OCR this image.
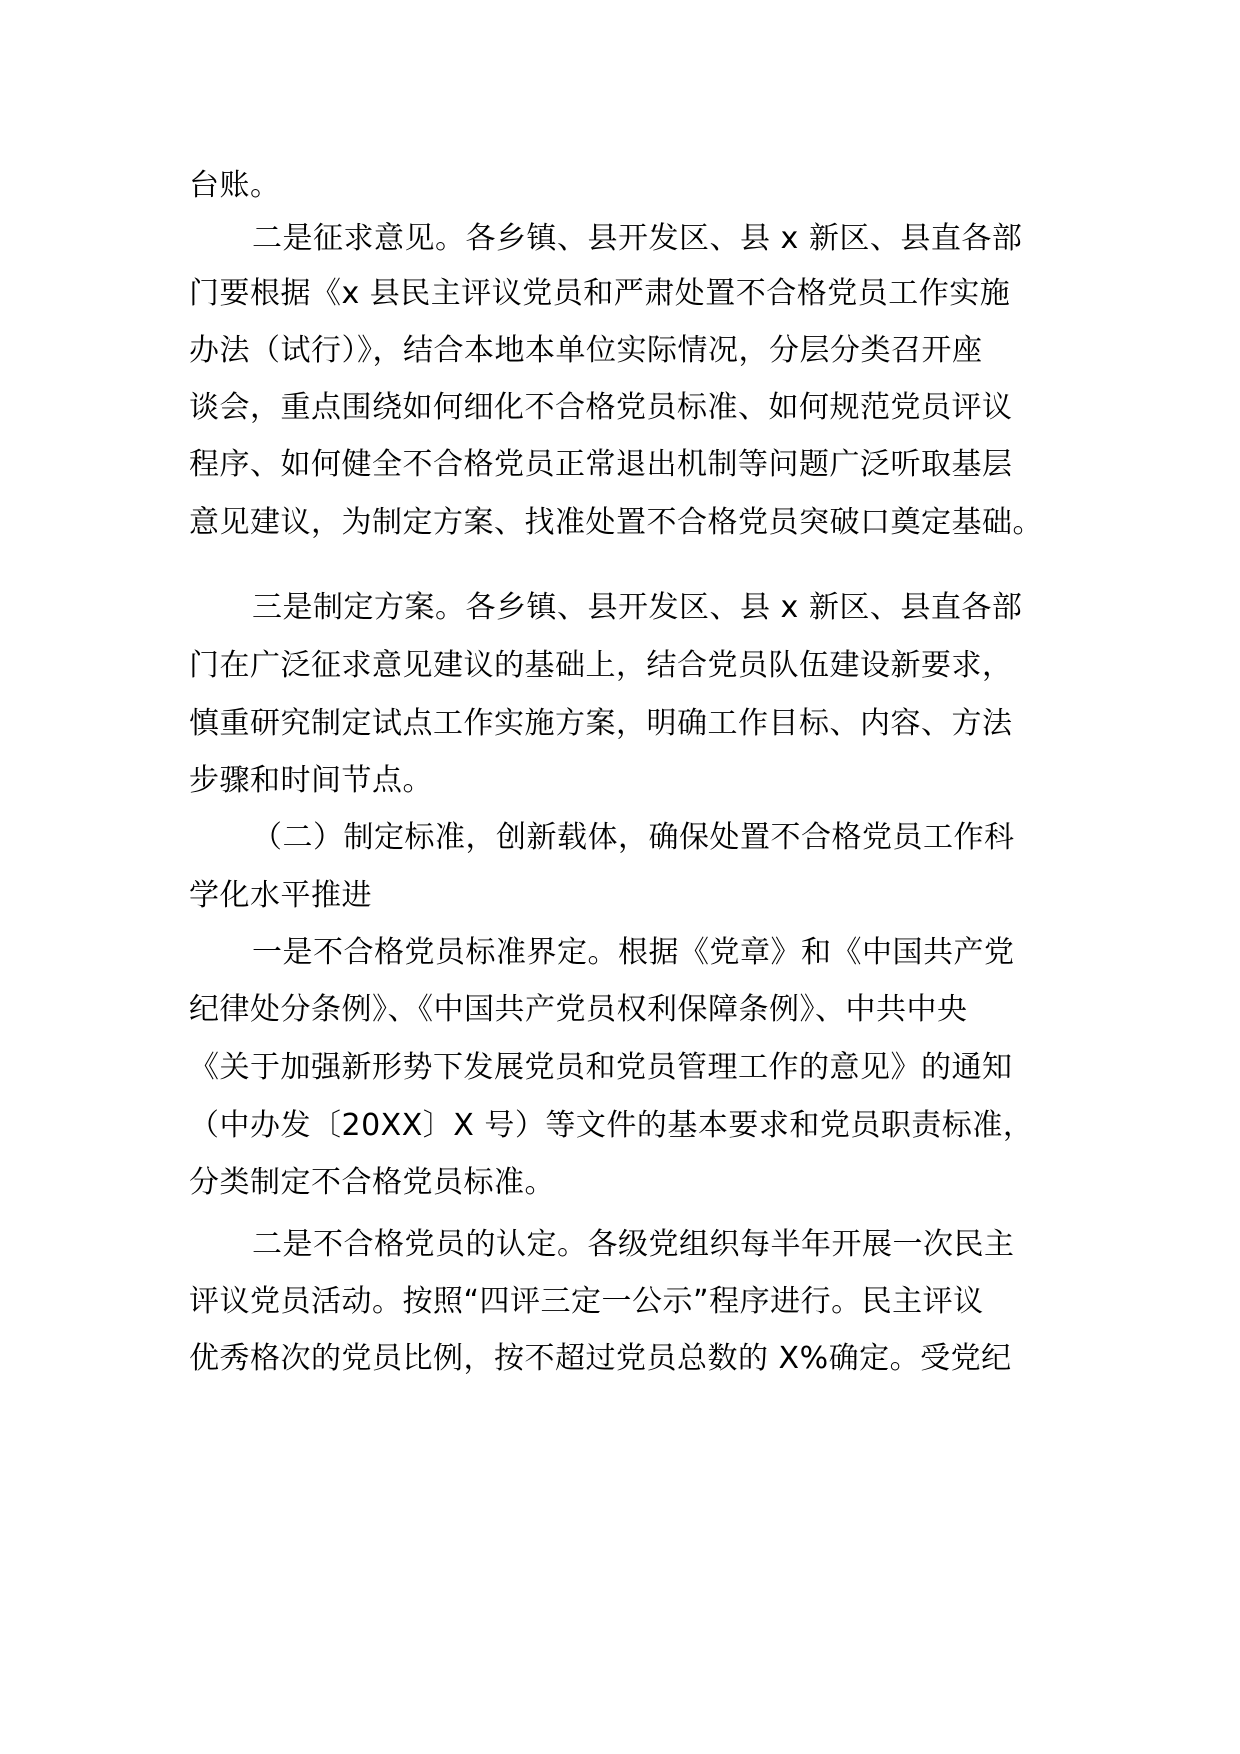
台账。
二是征求意见。各乡镇、县开发区、县 x 新区、县直各部
门要根据《x 县民主评议党员和严肃处置不合格党员工作实施
办法（试行）》，结合本地本单位实际情况，分层分类召开座
谈会，重点围绕如何细化不合格党员标准、如何规范党员评议
程序、如何健全不合格党员正常退出机制等问题广泛听取基层
意见建议，为制定方案、找准处置不合格党员突破口奠定基础。
三是制定方案。各乡镇、县开发区、县 x 新区、县直各部
门在广泛征求意见建议的基础上，结合党员队伍建设新要求，
慎重研究制定试点工作实施方案，明确工作目标、内容、方法
步骤和时间节点。
（二）制定标准，创新载体，确保处置不合格党员工作科
学化水平推进
一是不合格党员标准界定。根据《党章》和《中国共产党
纪律处分条例》、《中国共产党员权利保障条例》、中共中央
《关于加强新形势下发展党员和党员管理工作的意见》的通知
（中办发〔20XX〕X 号）等文件的基本要求和党员职责标准，
分类制定不合格党员标准。
二是不合格党员的认定。各级党组织每半年开展一次民主
评议党员活动。按照“四评三定一公示”程序进行。民主评议
优秀格次的党员比例，按不超过党员总数的 X%确定。受党纪
